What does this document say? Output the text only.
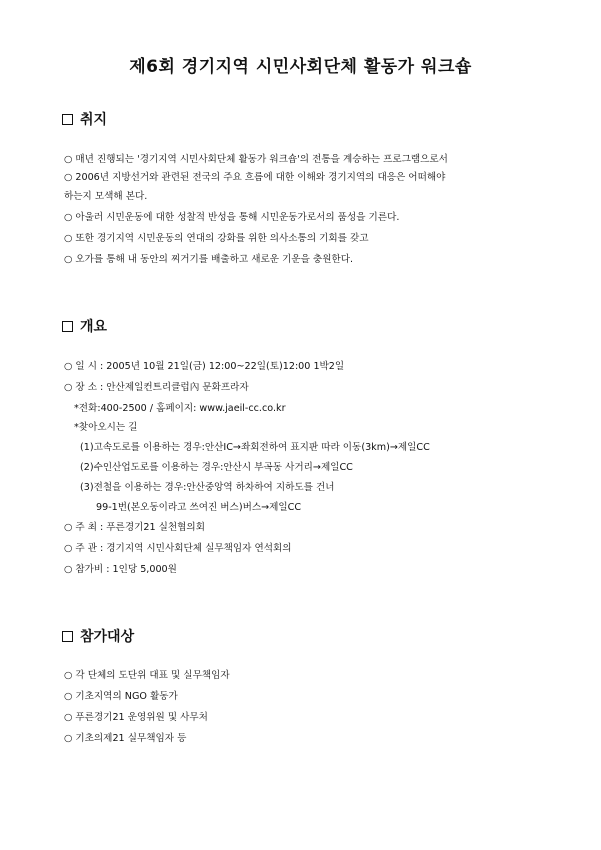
제6회 경기지역 시민사회단체 활동가 워크숍
취지
○ 매년 진행되는 '경기지역 시민사회단체 활동가 워크숍'의 전통을 계승하는 프로그램으로서
○ 2006년 지방선거와 관련된 전국의 주요 흐름에 대한 이해와 경기지역의 대응은 어떠해야
하는지 모색해 본다.
○ 아울러 시민운동에 대한 성찰적 반성을 통해 시민운동가로서의 품성을 기른다.
○ 또한 경기지역 시민운동의 연대의 강화를 위한 의사소통의 기회를 갖고
○ 오가를 통해 내 동안의 찌거기를 배출하고 새로운 기운을 충원한다.
개요
○ 일 시 : 2005년 10월 21일(금) 12:00~22일(토)12:00 1박2일
○ 장 소 : 안산제일컨트리클럽內 문화프라자
*전화:400-2500 / 홈페이지: www.jaeil-cc.co.kr
*찾아오시는 길
(1)고속도로를 이용하는 경우:안산IC→좌회전하여 표지판 따라 이동(3km)→제일CC
(2)수인산업도로를 이용하는 경우:안산시 부곡동 사거리→제일CC
(3)전철을 이용하는 경우:안산중앙역 하차하여 지하도를 건너
99-1번(본오동이라고 쓰여진 버스)버스→제일CC
○ 주 최 : 푸른경기21 실천협의회
○ 주 관 : 경기지역 시민사회단체 실무책임자 연석회의
○ 참가비 : 1인당 5,000원
참가대상
○ 각 단체의 도단위 대표 및 실무책임자
○ 기초지역의 NGO 활동가
○ 푸른경기21 운영위원 및 사무처
○ 기초의제21 실무책임자 등
